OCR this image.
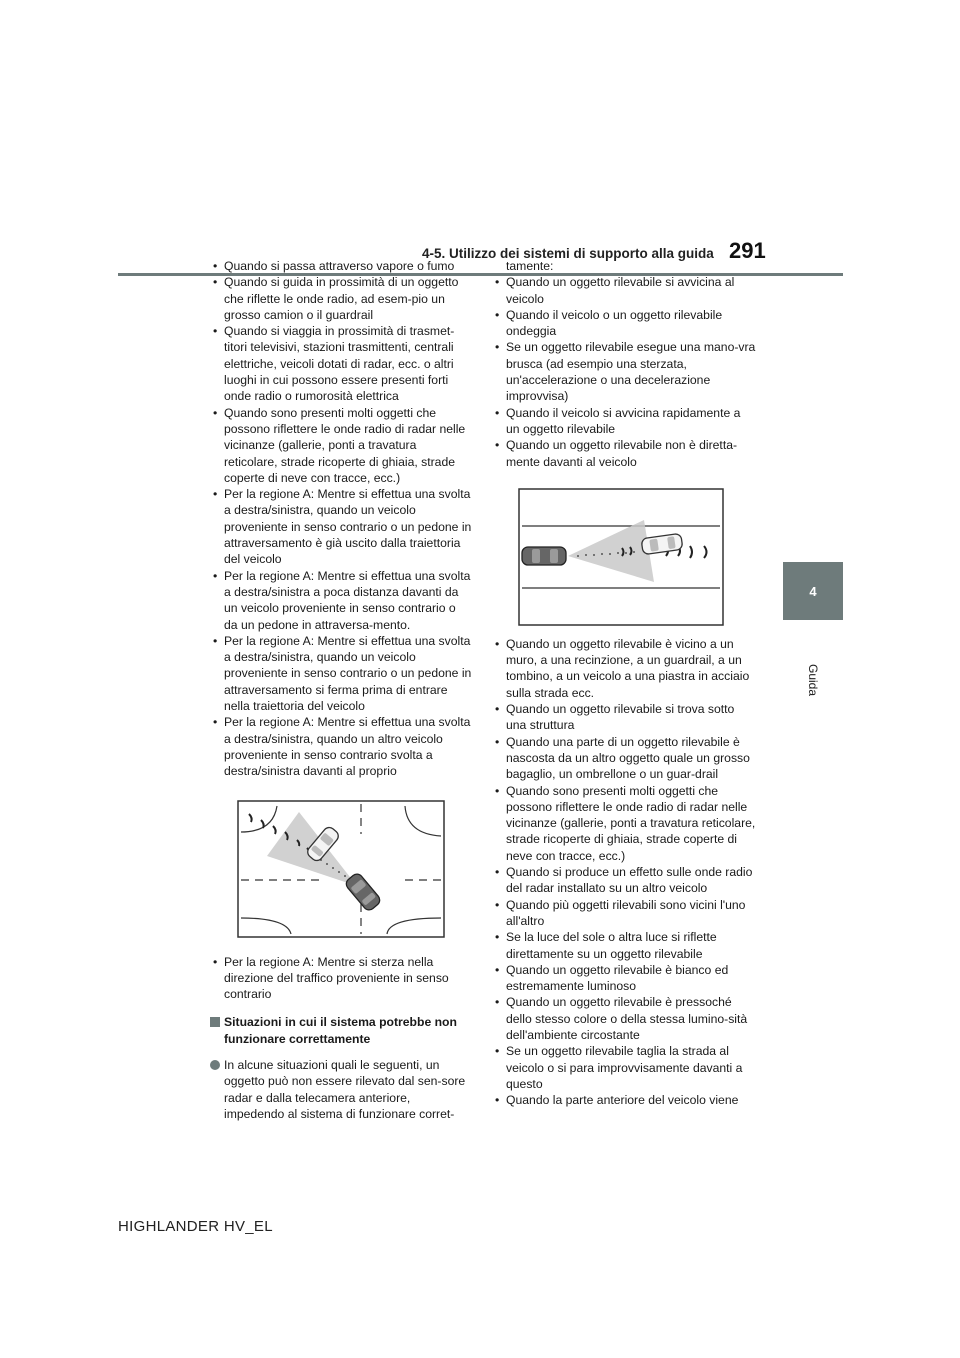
4-5. Utilizzo dei sistemi di supporto alla guida 291
4
Guida
• Quando si passa attraverso vapore o fumo
• Quando si guida in prossimità di un oggetto che riflette le onde radio, ad esem-pio un grosso camion o il guardrail
• Quando si viaggia in prossimità di trasmet-titori televisivi, stazioni trasmittenti, centrali elettriche, veicoli dotati di radar, ecc. o altri luoghi in cui possono essere presenti forti onde radio o rumorosità elettrica
• Quando sono presenti molti oggetti che possono riflettere le onde radio di radar nelle vicinanze (gallerie, ponti a travatura reticolare, strade ricoperte di ghiaia, strade coperte di neve con tracce, ecc.)
• Per la regione A: Mentre si effettua una svolta a destra/sinistra, quando un veicolo proveniente in senso contrario o un pedone in attraversamento è già uscito dalla traiettoria del veicolo
• Per la regione A: Mentre si effettua una svolta a destra/sinistra a poca distanza davanti da un veicolo proveniente in senso contrario o da un pedone in attraversa-mento.
• Per la regione A: Mentre si effettua una svolta a destra/sinistra, quando un veicolo proveniente in senso contrario o un pedone in attraversamento si ferma prima di entrare nella traiettoria del veicolo
• Per la regione A: Mentre si effettua una svolta a destra/sinistra, quando un altro veicolo proveniente in senso contrario svolta a destra/sinistra davanti al proprio
• Per la regione A: Mentre si sterza nella direzione del traffico proveniente in senso contrario
Situazioni in cui il sistema potrebbe non funzionare correttamente
In alcune situazioni quali le seguenti, un oggetto può non essere rilevato dal sen-sore radar e dalla telecamera anteriore, impedendo al sistema di funzionare corret-
tamente:
• Quando un oggetto rilevabile si avvicina al veicolo
• Quando il veicolo o un oggetto rilevabile ondeggia
• Se un oggetto rilevabile esegue una mano-vra brusca (ad esempio una sterzata, un'accelerazione o una decelerazione improvvisa)
• Quando il veicolo si avvicina rapidamente a un oggetto rilevabile
• Quando un oggetto rilevabile non è diretta-mente davanti al veicolo
• Quando un oggetto rilevabile è vicino a un muro, a una recinzione, a un guardrail, a un tombino, a un veicolo a una piastra in acciaio sulla strada ecc.
• Quando un oggetto rilevabile si trova sotto una struttura
• Quando una parte di un oggetto rilevabile è nascosta da un altro oggetto quale un grosso bagaglio, un ombrellone o un guar-drail
• Quando sono presenti molti oggetti che possono riflettere le onde radio di radar nelle vicinanze (gallerie, ponti a travatura reticolare, strade ricoperte di ghiaia, strade coperte di neve con tracce, ecc.)
• Quando si produce un effetto sulle onde radio del radar installato su un altro veicolo
• Quando più oggetti rilevabili sono vicini l'uno all'altro
• Se la luce del sole o altra luce si riflette direttamente su un oggetto rilevabile
• Quando un oggetto rilevabile è bianco ed estremamente luminoso
• Quando un oggetto rilevabile è pressoché dello stesso colore o della stessa lumino-sità dell'ambiente circostante
• Se un oggetto rilevabile taglia la strada al veicolo o si para improvvisamente davanti a questo
• Quando la parte anteriore del veicolo viene
HIGHLANDER HV_EL
